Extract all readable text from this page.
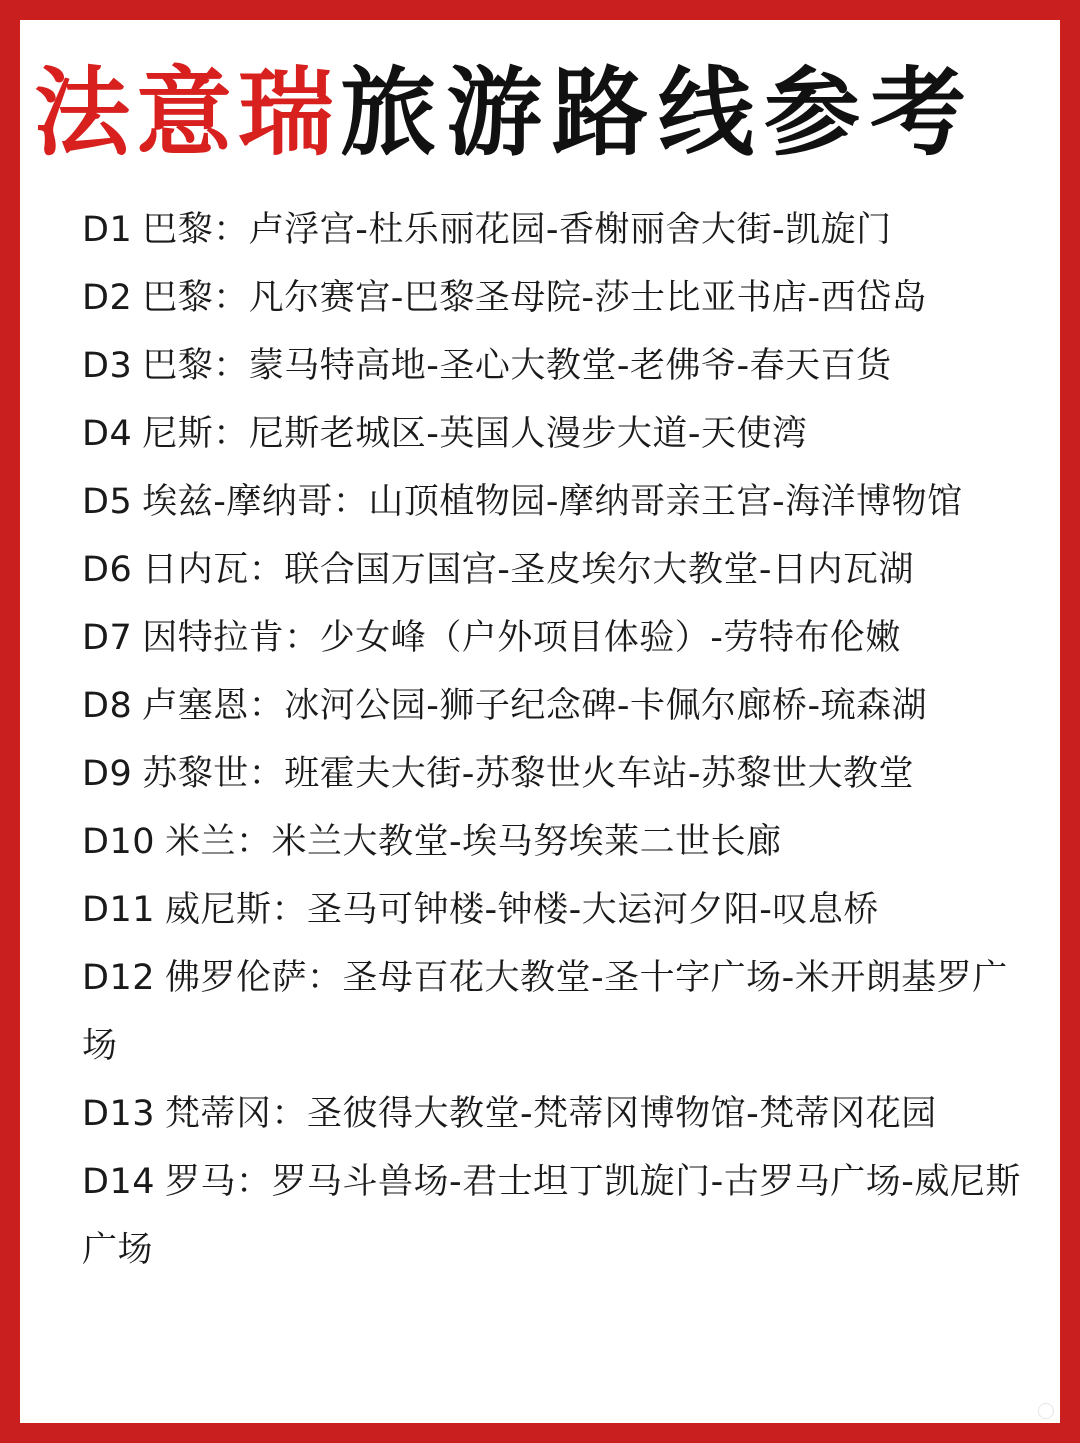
法意瑞 旅游路线参考
D1 巴黎：卢浮宫-杜乐丽花园-香榭丽舍大街-凯旋门
D2 巴黎：凡尔赛宫-巴黎圣母院-莎士比亚书店-西岱岛
D3 巴黎：蒙马特高地-圣心大教堂-老佛爷-春天百货
D4 尼斯：尼斯老城区-英国人漫步大道-天使湾
D5 埃兹-摩纳哥：山顶植物园-摩纳哥亲王宫-海洋博物馆
D6 日内瓦：联合国万国宫-圣皮埃尔大教堂-日内瓦湖
D7 因特拉肯：少女峰（户外项目体验）-劳特布伦嫩
D8 卢塞恩：冰河公园-狮子纪念碑-卡佩尔廊桥-琉森湖
D9 苏黎世：班霍夫大街-苏黎世火车站-苏黎世大教堂
D10 米兰：米兰大教堂-埃马努埃莱二世长廊
D11 威尼斯：圣马可钟楼-钟楼-大运河夕阳-叹息桥
D12 佛罗伦萨：圣母百花大教堂-圣十字广场-米开朗基罗广场
D13 梵蒂冈：圣彼得大教堂-梵蒂冈博物馆-梵蒂冈花园
D14 罗马：罗马斗兽场-君士坦丁凯旋门-古罗马广场-威尼斯广场
